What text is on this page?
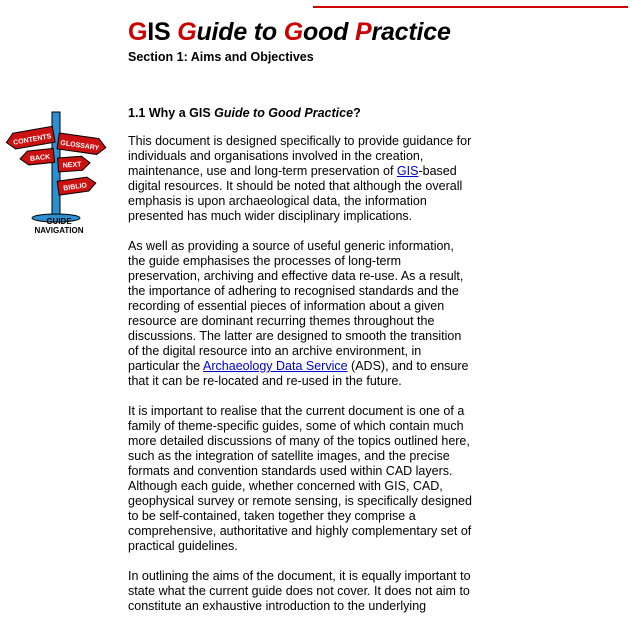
GIS Guide to Good Practice
Section 1: Aims and Objectives
CONTENTS GLOSSARY
BACK
NEXT
BIBLIO
GUIDE
NAVIGATION
1.1 Why a GIS Guide to Good Practice?

This document is designed specifically to provide guidance for individuals and organisations involved in the creation, maintenance, use and long-term preservation of GIS-based digital resources. It should be noted that although the overall emphasis is upon archaeological data, the information presented has much wider disciplinary implications.

As well as providing a source of useful generic information, the guide emphasises the processes of long-term preservation, archiving and effective data re-use. As a result, the importance of adhering to recognised standards and the recording of essential pieces of information about a given resource are dominant recurring themes throughout the discussions. The latter are designed to smooth the transition of the digital resource into an archive environment, in particular the Archaeology Data Service (ADS), and to ensure that it can be re-located and re-used in the future.

It is important to realise that the current document is one of a family of theme-specific guides, some of which contain much more detailed discussions of many of the topics outlined here, such as the integration of satellite images, and the precise formats and convention standards used within CAD layers. Although each guide, whether concerned with GIS, CAD, geophysical survey or remote sensing, is specifically designed to be self-contained, taken together they comprise a comprehensive, authoritative and highly complementary set of practical guidelines.

In outlining the aims of the document, it is equally important to state what the current guide does not cover. It does not aim to constitute an exhaustive introduction to the underlying
